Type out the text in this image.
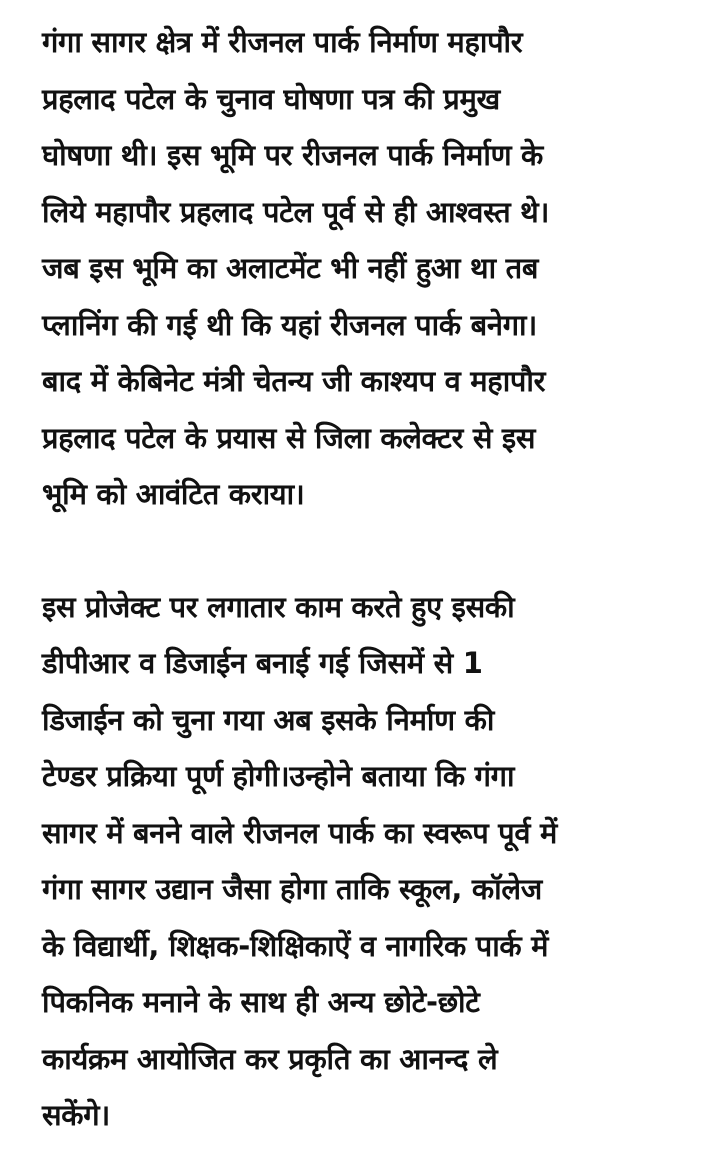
गंगा सागर क्षेत्र में रीजनल पार्क निर्माण महापौर
प्रहलाद पटेल के चुनाव घोषणा पत्र की प्रमुख
घोषणा थी। इस भूमि पर रीजनल पार्क निर्माण के
लिये महापौर प्रहलाद पटेल पूर्व से ही आश्वस्त थे।
जब इस भूमि का अलाटमेंट भी नहीं हुआ था तब
प्लानिंग की गई थी कि यहां रीजनल पार्क बनेगा।
बाद में केबिनेट मंत्री चेतन्य जी काश्यप व महापौर
प्रहलाद पटेल के प्रयास से जिला कलेक्टर से इस
भूमि को आवंटित कराया।

इस प्रोजेक्ट पर लगातार काम करते हुए इसकी
डीपीआर व डिजाईन बनाई गई जिसमें से 1
डिजाईन को चुना गया अब इसके निर्माण की
टेण्डर प्रक्रिया पूर्ण होगी।उन्होने बताया कि गंगा
सागर में बनने वाले रीजनल पार्क का स्वरूप पूर्व में
गंगा सागर उद्यान जैसा होगा ताकि स्कूल, कॉलेज
के विद्यार्थी, शिक्षक-शिक्षिकाऐं व नागरिक पार्क में
पिकनिक मनाने के साथ ही अन्य छोटे-छोटे
कार्यक्रम आयोजित कर प्रकृति का आनन्द ले
सकेंगे।
